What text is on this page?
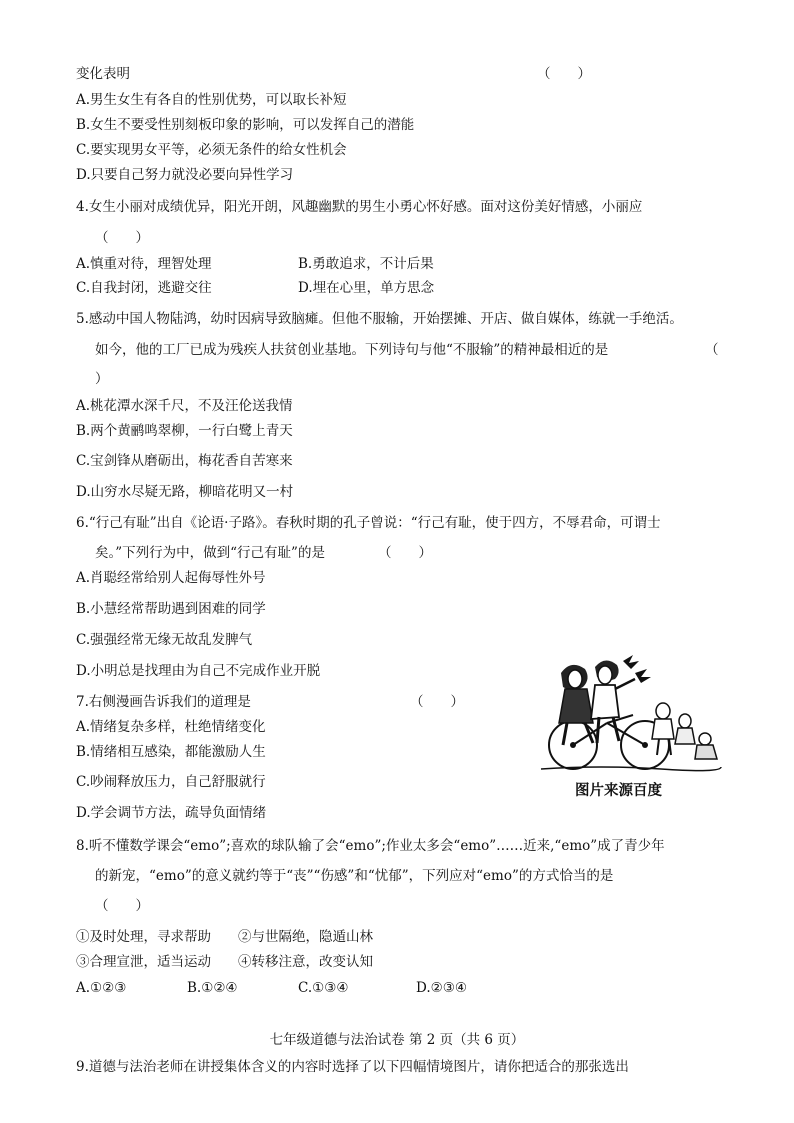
变化表明	（　　）
A.男生女生有各自的性别优势，可以取长补短
B.女生不要受性别刻板印象的影响，可以发挥自己的潜能
C.要实现男女平等，必须无条件的给女性机会
D.只要自己努力就没必要向异性学习
4.女生小丽对成绩优异，阳光开朗，风趣幽默的男生小勇心怀好感。面对这份美好情感，小丽应
（　　）
A.慎重对待，理智处理	B.勇敢追求，不计后果
C.自我封闭，逃避交往	D.埋在心里，单方思念
5.感动中国人物陆鸿，幼时因病导致脑瘫。但他不服输，开始摆摊、开店、做自媒体，练就一手绝活。
如今，他的工厂已成为残疾人扶贫创业基地。下列诗句与他“不服输”的精神最相近的是	（
）
A.桃花潭水深千尺，不及汪伦送我情
B.两个黄鹂鸣翠柳，一行白鹭上青天
C.宝剑锋从磨砺出，梅花香自苦寒来
D.山穷水尽疑无路，柳暗花明又一村
6.“行己有耻”出自《论语·子路》。春秋时期的孔子曾说：“行己有耻，使于四方，不辱君命，可谓士
矣。”下列行为中，做到“行己有耻”的是	（　　）
A.肖聪经常给别人起侮辱性外号
B.小慧经常帮助遇到困难的同学
C.强强经常无缘无故乱发脾气
D.小明总是找理由为自己不完成作业开脱
7.右侧漫画告诉我们的道理是	（　　）
A.情绪复杂多样，杜绝情绪变化
B.情绪相互感染，都能激励人生
C.吵闹释放压力，自己舒服就行
D.学会调节方法，疏导负面情绪
图片来源百度
8.听不懂数学课会“emo”;喜欢的球队输了会“emo”;作业太多会“emo”……近来,“emo”成了青少年
的新宠，“emo”的意义就约等于“丧”“伤感”和“忧郁”，下列应对“emo”的方式恰当的是
（　　）
①及时处理，寻求帮助　　②与世隔绝，隐遁山林
③合理宣泄，适当运动　　④转移注意，改变认知
A.①②③	B.①②④	C.①③④	D.②③④
七年级道德与法治试卷 第 2 页（共 6 页）
9.道德与法治老师在讲授集体含义的内容时选择了以下四幅情境图片，请你把适合的那张选出
